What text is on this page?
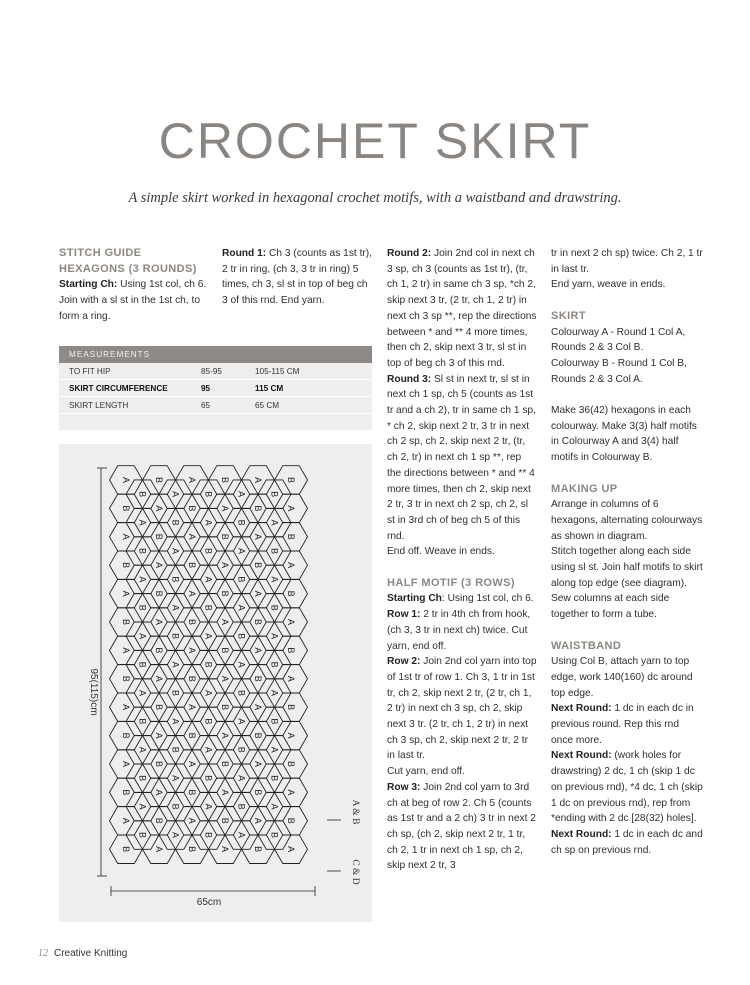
CROCHET SKIRT
A simple skirt worked in hexagonal crochet motifs, with a waistband and drawstring.

STITCH GUIDE

HEXAGONS (3 ROUNDS)

Starting Ch: Using 1st col, ch 6. Join with a sl st in the 1st ch, to form a ring.

Round 1: Ch 3 (counts as 1st tr), 2 tr in ring, (ch 3, 3 tr in ring) 5 times, ch 3, sl st in top of beg ch 3 of this rnd. End yarn.

MEASUREMENTS
TO FIT HIP	85-95	105-115 CM
SKIRT CIRCUMFERENCE	95	115 CM
SKIRT LENGTH	65	65 CM
A	B	A	B	A	B
B	A	B	A	B
B	A	B	A	B	A
A	B	A	B	A
A	B	A	B	A	B
B	A	B	A	B
B	A	B	A	B	A
A	B	A	B	A
A	B	A	B	A	B
B	A	B	A	B
B	A	B	A	B	A
A	B	A	B	A
A	B	A	B	A	B
B	A	B	A	B
B	A	B	A	B	A
A	B	A	B	A
A	B	A	B	A	B
B	A	B	A	B
B	A	B	A	B	A
A	B	A	B	A
A	B	A	B	A	B
B	A	B	A	B
B	A	B	A	B	A
A	B	A	B	A
A	B	A	B	A	B
B	A	B	A	B
B	A	B	A	B	A
95(115)cm
65cm
A & B
C & D

Round 2: Join 2nd col in next ch 3 sp, ch 3 (counts as 1st tr), (tr, ch 1, 2 tr) in same ch 3 sp, *ch 2, skip next 3 tr, (2 tr, ch 1, 2 tr) in next ch 3 sp **, rep the directions between * and ** 4 more times, then ch 2, skip next 3 tr, sl st in top of beg ch 3 of this rnd.

Round 3: Sl st in next tr, sl st in next ch 1 sp, ch 5 (counts as 1st tr and a ch 2), tr in same ch 1 sp, * ch 2, skip next 2 tr, 3 tr in next ch 2 sp, ch 2, skip next 2 tr, (tr, ch 2, tr) in next ch 1 sp **, rep the directions between * and ** 4 more times, then ch 2, skip next 2 tr, 3 tr in next ch 2 sp, ch 2, sl st in 3rd ch of beg ch 5 of this rnd.

End off. Weave in ends.

HALF MOTIF (3 ROWS)

Starting Ch: Using 1st col, ch 6.

Row 1: 2 tr in 4th ch from hook, (ch 3, 3 tr in next ch) twice. Cut yarn, end off.

Row 2: Join 2nd col yarn into top of 1st tr of row 1. Ch 3, 1 tr in 1st tr, ch 2, skip next 2 tr, (2 tr, ch 1, 2 tr) in next ch 3 sp, ch 2, skip next 3 tr. (2 tr, ch 1, 2 tr) in next ch 3 sp, ch 2, skip next 2 tr, 2 tr in last tr.

Cut yarn, end off.

Row 3: Join 2nd col yarn to 3rd ch at beg of row 2. Ch 5 (counts as 1st tr and a 2 ch) 3 tr in next 2 ch sp, (ch 2, skip next 2 tr, 1 tr, ch 2, 1 tr in next ch 1 sp, ch 2, skip next 2 tr, 3

tr in next 2 ch sp) twice. Ch 2, 1 tr in last tr.

End yarn, weave in ends.

SKIRT

Colourway A - Round 1 Col A, Rounds 2 & 3 Col B.

Colourway B - Round 1 Col B, Rounds 2 & 3 Col A.

Make 36(42) hexagons in each colourway. Make 3(3) half motifs in Colourway A and 3(4) half motifs in Colourway B.

MAKING UP

Arrange in columns of 6 hexagons, alternating colourways as shown in diagram.

Stitch together along each side using sl st. Join half motifs to skirt along top edge (see diagram).

Sew columns at each side together to form a tube.

WAISTBAND

Using Col B, attach yarn to top edge, work 140(160) dc around top edge.

Next Round: 1 dc in each dc in previous round. Rep this rnd once more.

Next Round: (work holes for drawstring) 2 dc, 1 ch (skip 1 dc on previous rnd), *4 dc, 1 ch (skip 1 dc on previous rnd), rep from *ending with 2 dc [28(32) holes].

Next Round: 1 dc in each dc and ch sp on previous rnd.

12 Creative Knitting
